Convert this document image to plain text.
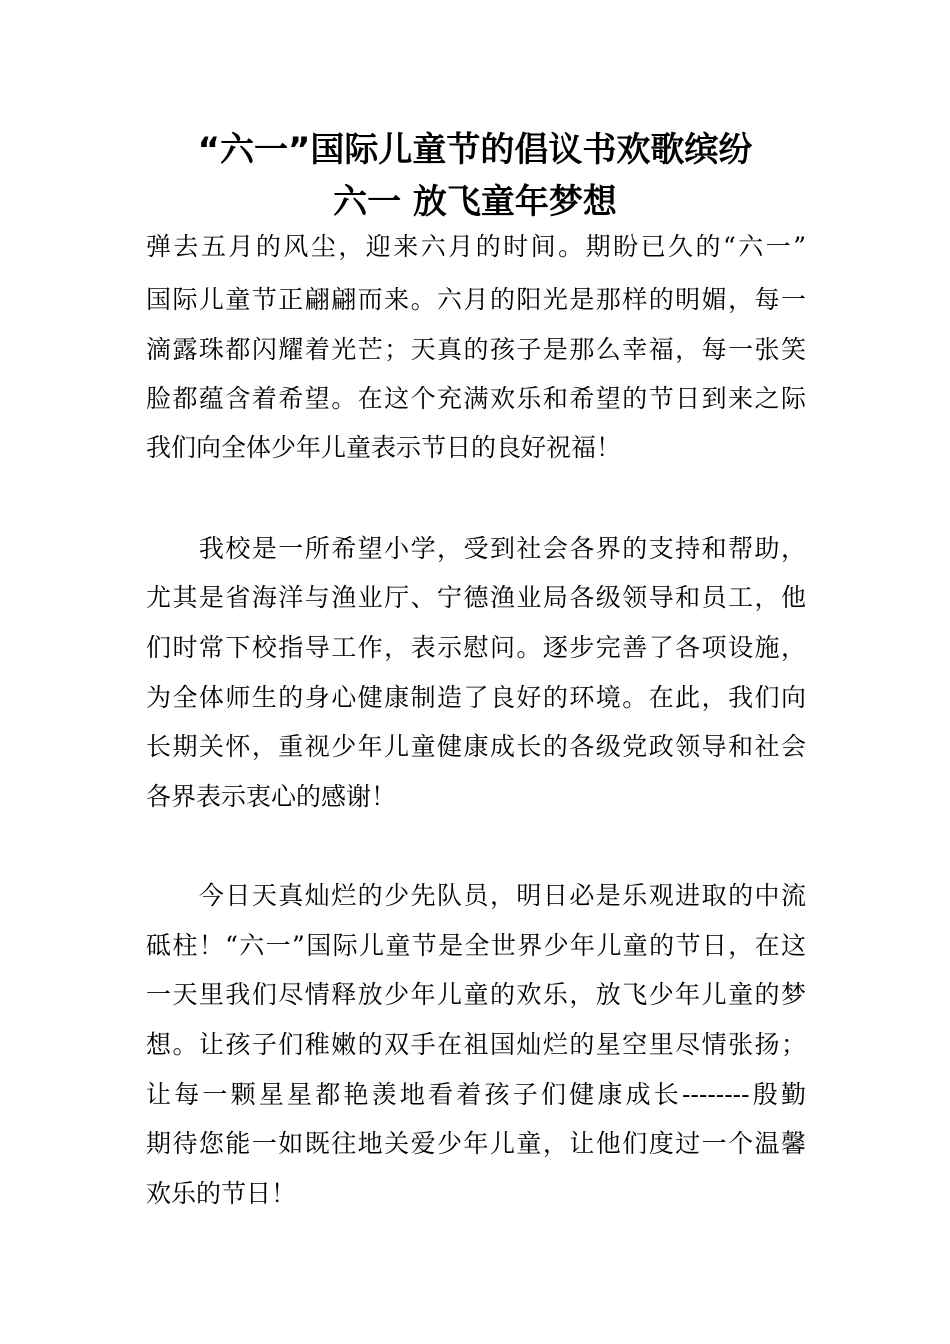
“六一”国际儿童节的倡议书欢歌缤纷
六一 放飞童年梦想
弹去五月的风尘，迎来六月的时间。期盼已久的“六一”
国际儿童节正翩翩而来。六月的阳光是那样的明媚，每一
滴露珠都闪耀着光芒；天真的孩子是那么幸福，每一张笑
脸都蕴含着希望。在这个充满欢乐和希望的节日到来之际
我们向全体少年儿童表示节日的良好祝福！
　　我校是一所希望小学，受到社会各界的支持和帮助，
尤其是省海洋与渔业厅、宁德渔业局各级领导和员工，他
们时常下校指导工作，表示慰问。逐步完善了各项设施，
为全体师生的身心健康制造了良好的环境。在此，我们向
长期关怀，重视少年儿童健康成长的各级党政领导和社会
各界表示衷心的感谢！
　　今日天真灿烂的少先队员，明日必是乐观进取的中流
砥柱！“六一”国际儿童节是全世界少年儿童的节日，在这
一天里我们尽情释放少年儿童的欢乐，放飞少年儿童的梦
想。让孩子们稚嫩的双手在祖国灿烂的星空里尽情张扬；
让每一颗星星都艳羡地看着孩子们健康成长--------殷勤
期待您能一如既往地关爱少年儿童，让他们度过一个温馨
欢乐的节日！
